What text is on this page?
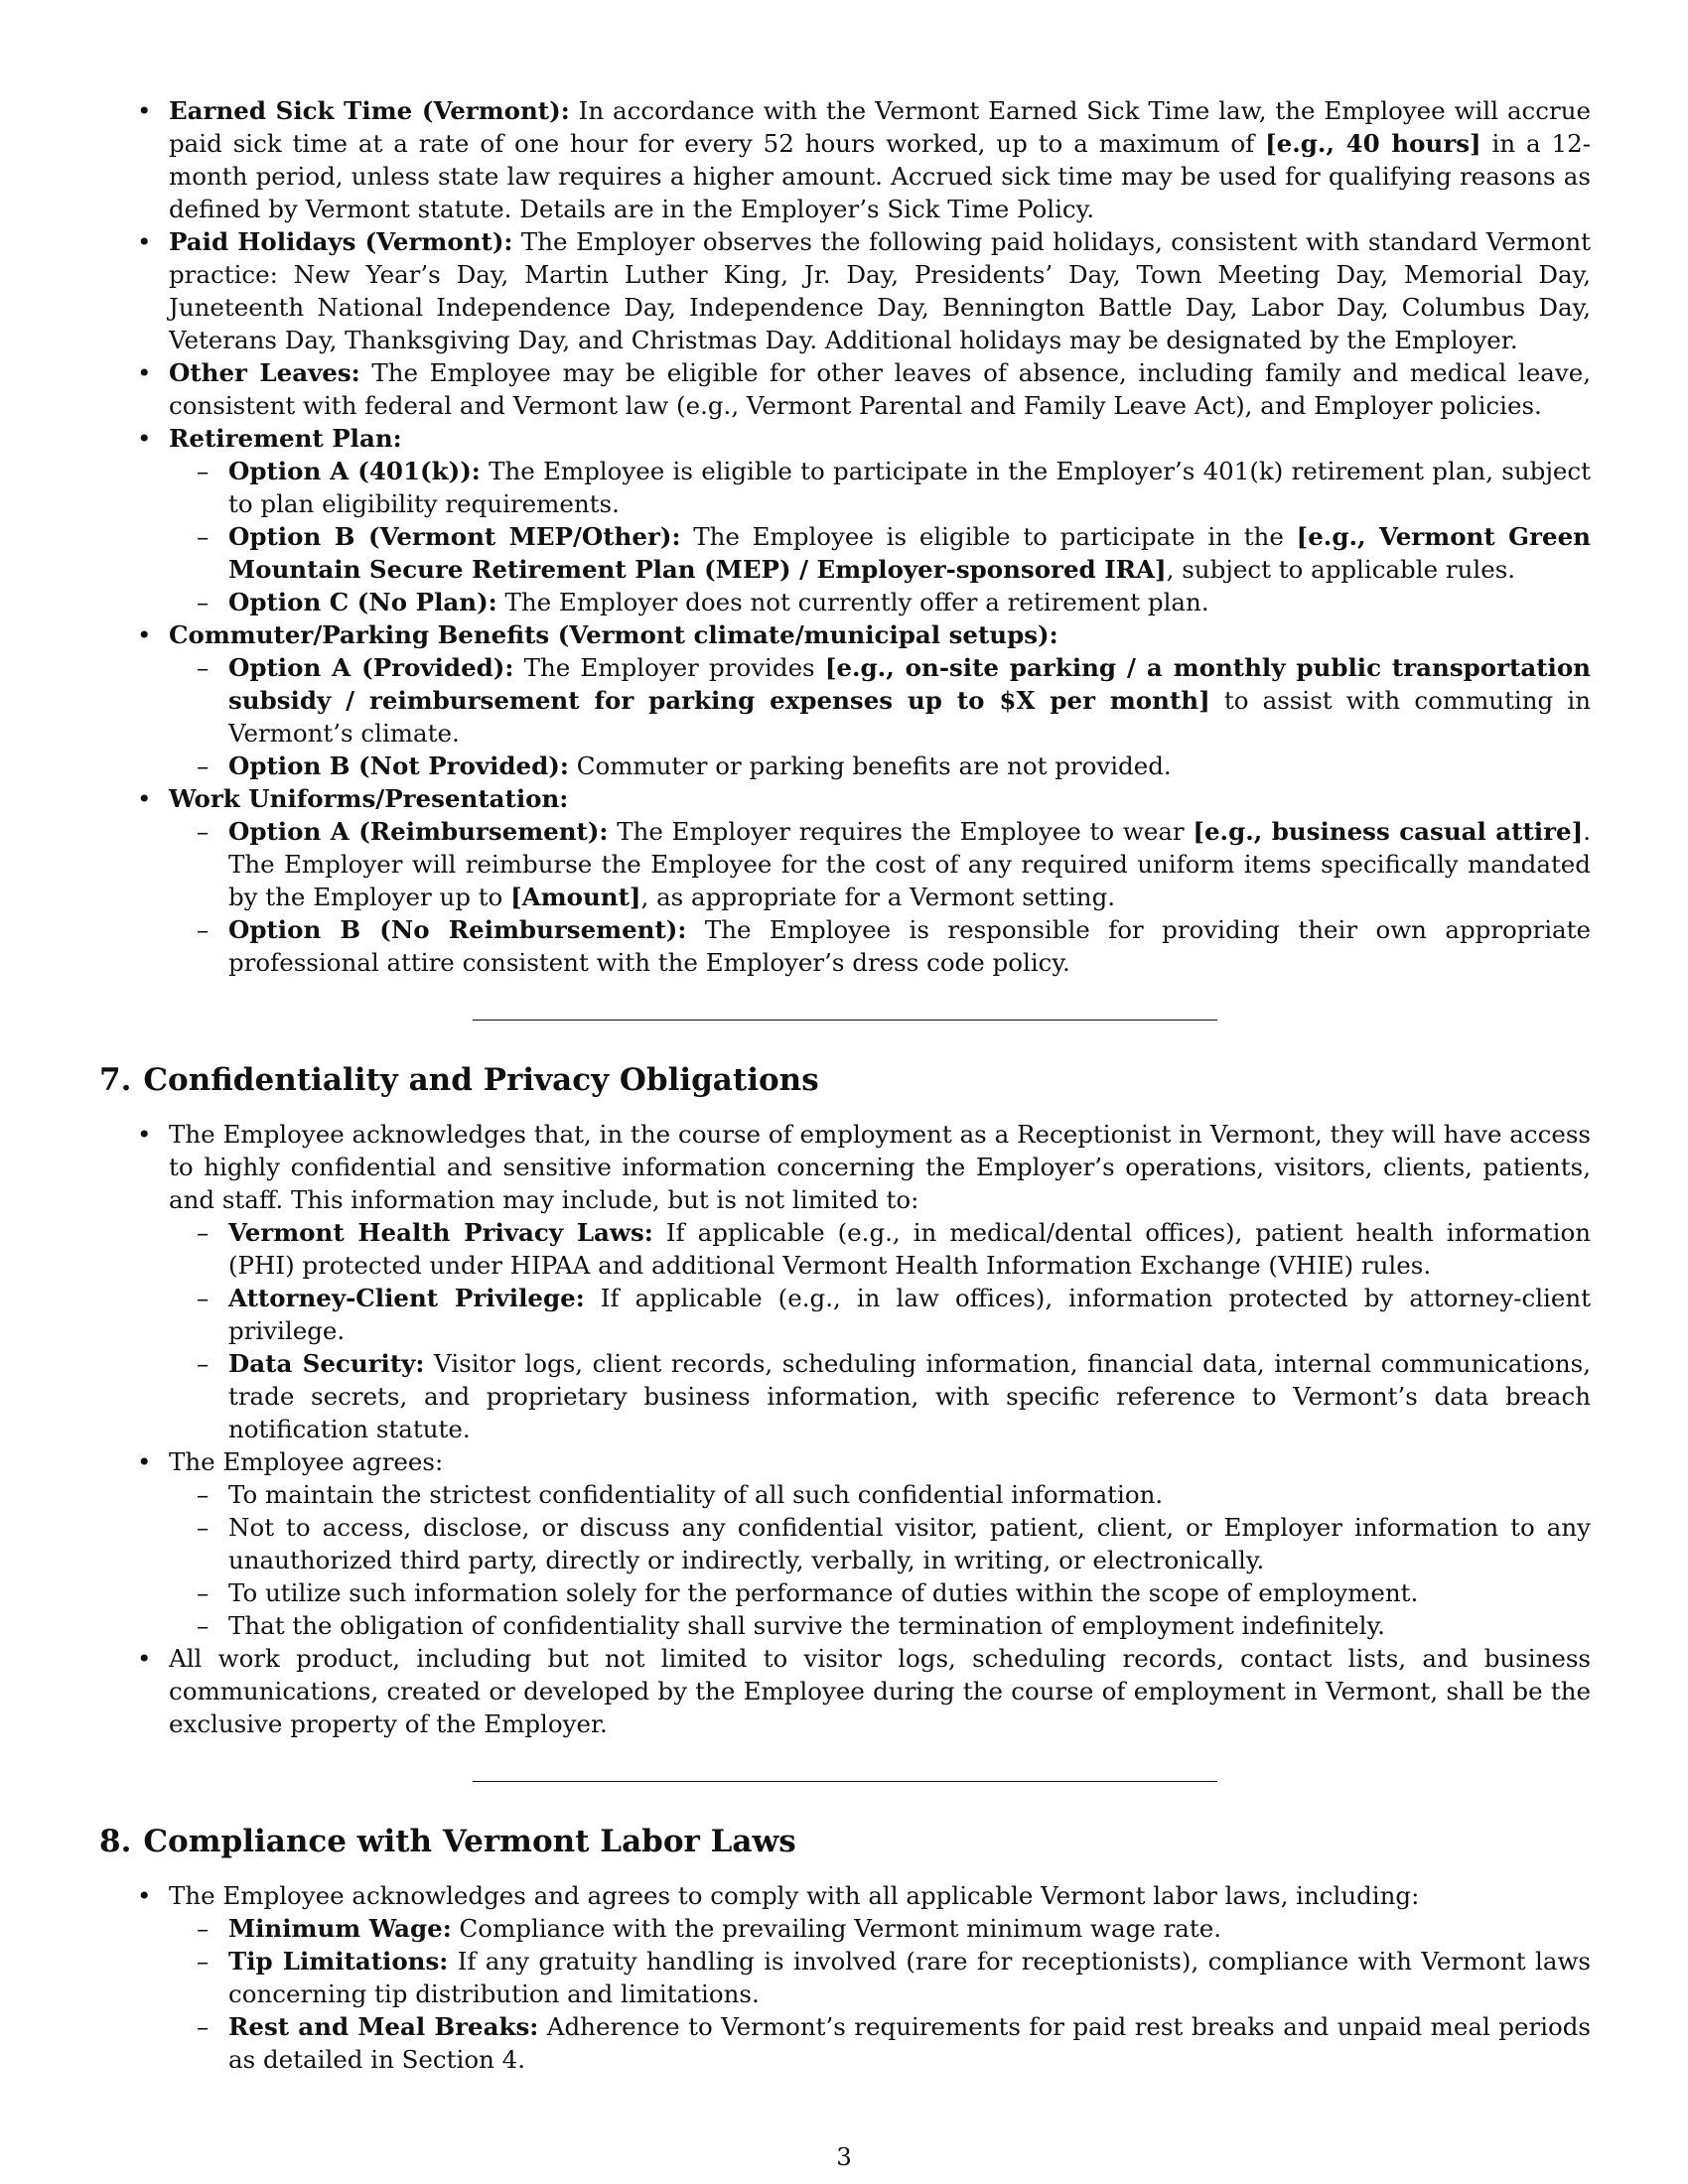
• Earned Sick Time (Vermont): In accordance with the Vermont Earned Sick Time law, the Employee will accrue paid sick time at a rate of one hour for every 52 hours worked, up to a maximum of [e.g., 40 hours] in a 12-month period, unless state law requires a higher amount. Accrued sick time may be used for qualifying reasons as defined by Vermont statute. Details are in the Employer’s Sick Time Policy.
• Paid Holidays (Vermont): The Employer observes the following paid holidays, consistent with standard Vermont practice: New Year’s Day, Martin Luther King, Jr. Day, Presidents’ Day, Town Meeting Day, Memorial Day, Juneteenth National Independence Day, Independence Day, Bennington Battle Day, Labor Day, Columbus Day, Veterans Day, Thanksgiving Day, and Christmas Day. Additional holidays may be designated by the Employer.
• Other Leaves: The Employee may be eligible for other leaves of absence, including family and medical leave, consistent with federal and Vermont law (e.g., Vermont Parental and Family Leave Act), and Employer policies.
• Retirement Plan:
– Option A (401(k)): The Employee is eligible to participate in the Employer’s 401(k) retirement plan, subject to plan eligibility requirements.
– Option B (Vermont MEP/Other): The Employee is eligible to participate in the [e.g., Vermont Green Mountain Secure Retirement Plan (MEP) / Employer-sponsored IRA], subject to applicable rules.
– Option C (No Plan): The Employer does not currently offer a retirement plan.
• Commuter/Parking Benefits (Vermont climate/municipal setups):
– Option A (Provided): The Employer provides [e.g., on-site parking / a monthly public transportation subsidy / reimbursement for parking expenses up to $X per month] to assist with commuting in Vermont’s climate.
– Option B (Not Provided): Commuter or parking benefits are not provided.
• Work Uniforms/Presentation:
– Option A (Reimbursement): The Employer requires the Employee to wear [e.g., business casual attire]. The Employer will reimburse the Employee for the cost of any required uniform items specifically mandated by the Employer up to [Amount], as appropriate for a Vermont setting.
– Option B (No Reimbursement): The Employee is responsible for providing their own appropriate professional attire consistent with the Employer’s dress code policy.
7. Confidentiality and Privacy Obligations
• The Employee acknowledges that, in the course of employment as a Receptionist in Vermont, they will have access to highly confidential and sensitive information concerning the Employer’s operations, visitors, clients, patients, and staff. This information may include, but is not limited to:
– Vermont Health Privacy Laws: If applicable (e.g., in medical/dental offices), patient health information (PHI) protected under HIPAA and additional Vermont Health Information Exchange (VHIE) rules.
– Attorney-Client Privilege: If applicable (e.g., in law offices), information protected by attorney-client privilege.
– Data Security: Visitor logs, client records, scheduling information, financial data, internal communications, trade secrets, and proprietary business information, with specific reference to Vermont’s data breach notification statute.
• The Employee agrees:
– To maintain the strictest confidentiality of all such confidential information.
– Not to access, disclose, or discuss any confidential visitor, patient, client, or Employer information to any unauthorized third party, directly or indirectly, verbally, in writing, or electronically.
– To utilize such information solely for the performance of duties within the scope of employment.
– That the obligation of confidentiality shall survive the termination of employment indefinitely.
• All work product, including but not limited to visitor logs, scheduling records, contact lists, and business communications, created or developed by the Employee during the course of employment in Vermont, shall be the exclusive property of the Employer.
8. Compliance with Vermont Labor Laws
• The Employee acknowledges and agrees to comply with all applicable Vermont labor laws, including:
– Minimum Wage: Compliance with the prevailing Vermont minimum wage rate.
– Tip Limitations: If any gratuity handling is involved (rare for receptionists), compliance with Vermont laws concerning tip distribution and limitations.
– Rest and Meal Breaks: Adherence to Vermont’s requirements for paid rest breaks and unpaid meal periods as detailed in Section 4.
3
